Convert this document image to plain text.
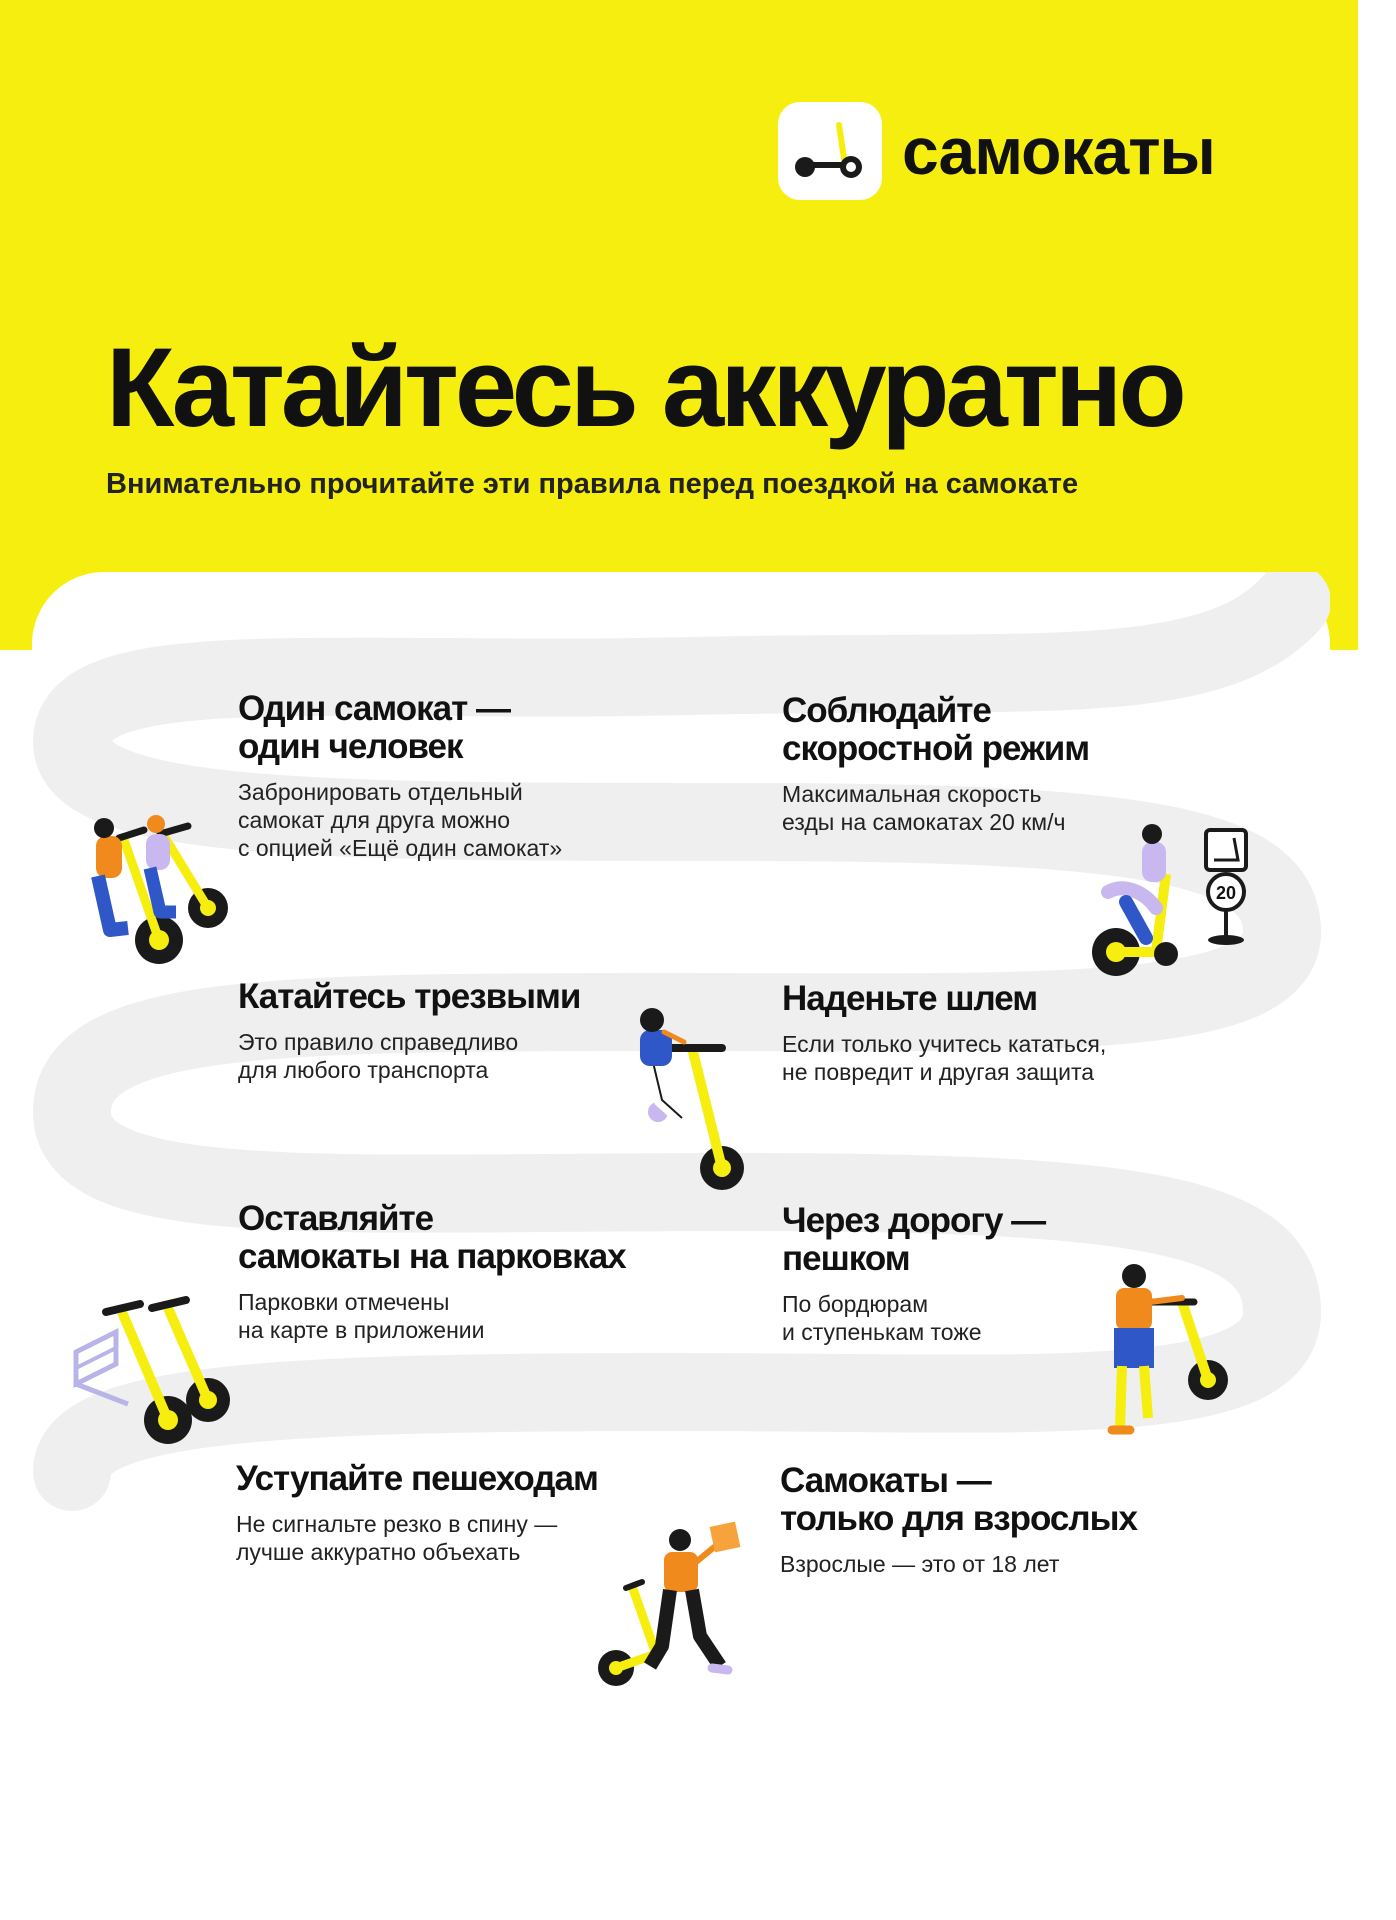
самокаты
Катайтесь аккуратно

Внимательно прочитайте эти правила перед поездкой на самокате

Один самокат —
один человек

Забронировать отдельный
самокат для друга можно
с опцией «Ещё один самокат»

Соблюдайте
скоростной режим

Максимальная скорость
езды на самокатах 20 км/ч

Катайтесь трезвыми

Это правило справедливо
для любого транспорта

Наденьте шлем

Если только учитесь кататься,
не повредит и другая защита

Оставляйте
самокаты на парковках

Парковки отмечены
на карте в приложении

Через дорогу —
пешком

По бордюрам
и ступенькам тоже

Уступайте пешеходам

Не сигнальте резко в спину —
лучше аккуратно объехать

Самокаты —
только для взрослых

Взрослые — это от 18 лет

20
